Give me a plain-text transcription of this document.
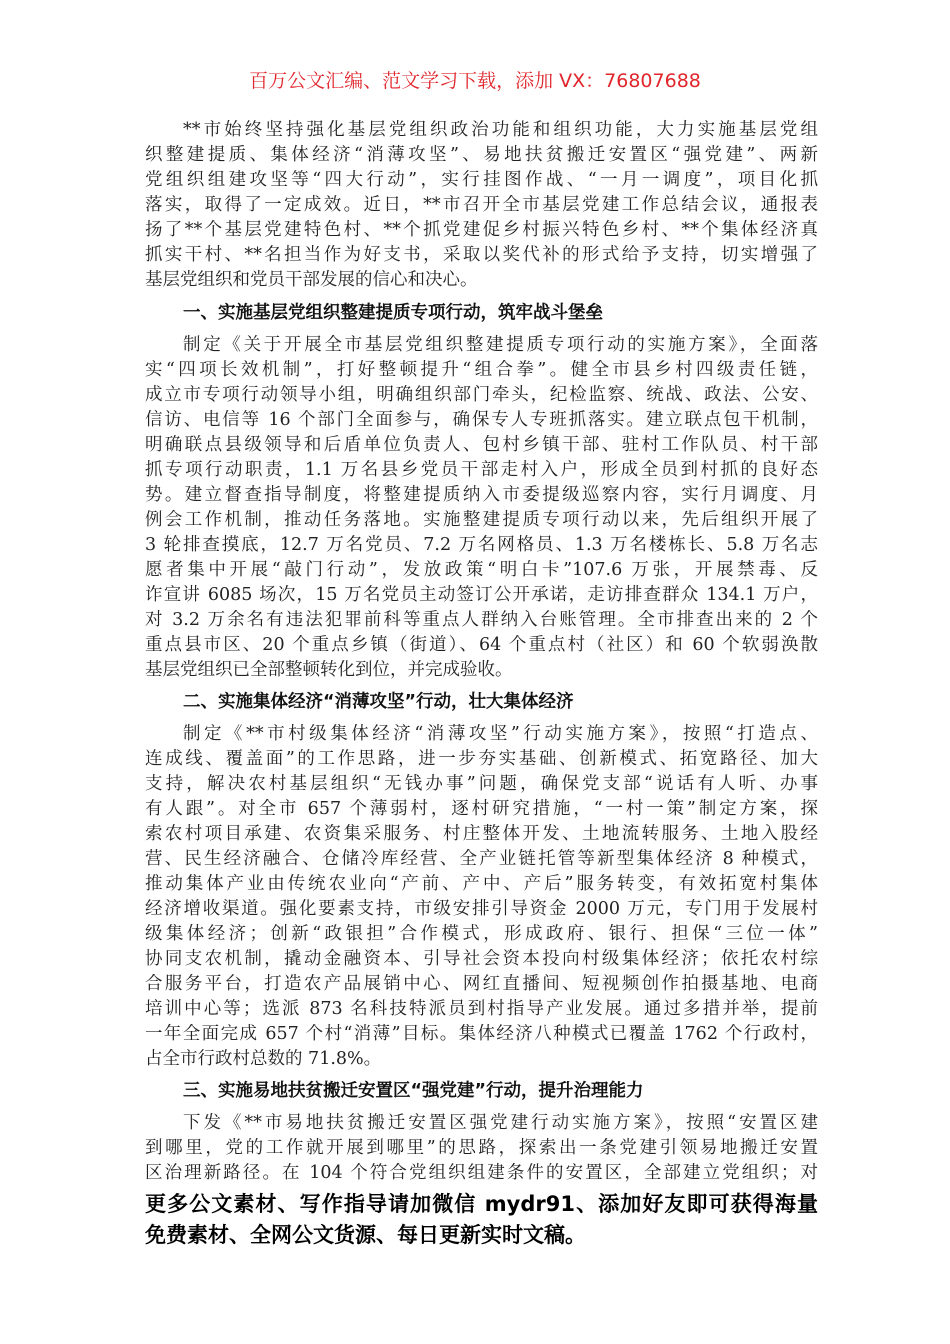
百万公文汇编、范文学习下载，添加 VX：76807688
**市始终坚持强化基层党组织政治功能和组织功能，大力实施基层党组
织整建提质、集体经济“消薄攻坚”、易地扶贫搬迁安置区“强党建”、两新
党组织组建攻坚等“四大行动”，实行挂图作战、“一月一调度”，项目化抓
落实，取得了一定成效。近日，**市召开全市基层党建工作总结会议，通报表
扬了**个基层党建特色村、**个抓党建促乡村振兴特色乡村、**个集体经济真
抓实干村、**名担当作为好支书，采取以奖代补的形式给予支持，切实增强了
基层党组织和党员干部发展的信心和决心。
一、实施基层党组织整建提质专项行动，筑牢战斗堡垒
制定《关于开展全市基层党组织整建提质专项行动的实施方案》，全面落
实“四项长效机制”，打好整顿提升“组合拳”。健全市县乡村四级责任链，
成立市专项行动领导小组，明确组织部门牵头，纪检监察、统战、政法、公安、
信访、电信等 16 个部门全面参与，确保专人专班抓落实。建立联点包干机制，
明确联点县级领导和后盾单位负责人、包村乡镇干部、驻村工作队员、村干部
抓专项行动职责，1.1 万名县乡党员干部走村入户，形成全员到村抓的良好态
势。建立督查指导制度，将整建提质纳入市委提级巡察内容，实行月调度、月
例会工作机制，推动任务落地。实施整建提质专项行动以来，先后组织开展了
3 轮排查摸底，12.7 万名党员、7.2 万名网格员、1.3 万名楼栋长、5.8 万名志
愿者集中开展“敲门行动”，发放政策“明白卡”107.6 万张，开展禁毒、反
诈宣讲 6085 场次，15 万名党员主动签订公开承诺，走访排查群众 134.1 万户，
对 3.2 万余名有违法犯罪前科等重点人群纳入台账管理。全市排查出来的 2 个
重点县市区、20 个重点乡镇（街道）、64 个重点村（社区）和 60 个软弱涣散
基层党组织已全部整顿转化到位，并完成验收。
二、实施集体经济“消薄攻坚”行动，壮大集体经济
制定《**市村级集体经济“消薄攻坚”行动实施方案》，按照“打造点、
连成线、覆盖面”的工作思路，进一步夯实基础、创新模式、拓宽路径、加大
支持，解决农村基层组织“无钱办事”问题，确保党支部“说话有人听、办事
有人跟”。对全市 657 个薄弱村，逐村研究措施，“一村一策”制定方案，探
索农村项目承建、农资集采服务、村庄整体开发、土地流转服务、土地入股经
营、民生经济融合、仓储冷库经营、全产业链托管等新型集体经济 8 种模式，
推动集体产业由传统农业向“产前、产中、产后”服务转变，有效拓宽村集体
经济增收渠道。强化要素支持，市级安排引导资金 2000 万元，专门用于发展村
级集体经济；创新“政银担”合作模式，形成政府、银行、担保“三位一体”
协同支农机制，撬动金融资本、引导社会资本投向村级集体经济；依托农村综
合服务平台，打造农产品展销中心、网红直播间、短视频创作拍摄基地、电商
培训中心等；选派 873 名科技特派员到村指导产业发展。通过多措并举，提前
一年全面完成 657 个村“消薄”目标。集体经济八种模式已覆盖 1762 个行政村，
占全市行政村总数的 71.8%。
三、实施易地扶贫搬迁安置区“强党建”行动，提升治理能力
下发《**市易地扶贫搬迁安置区强党建行动实施方案》，按照“安置区建
到哪里，党的工作就开展到哪里”的思路，探索出一条党建引领易地搬迁安置
区治理新路径。在 104 个符合党组织组建条件的安置区，全部建立党组织；对
更多公文素材、写作指导请加微信 mydr91、添加好友即可获得海量
免费素材、全网公文货源、每日更新实时文稿。
